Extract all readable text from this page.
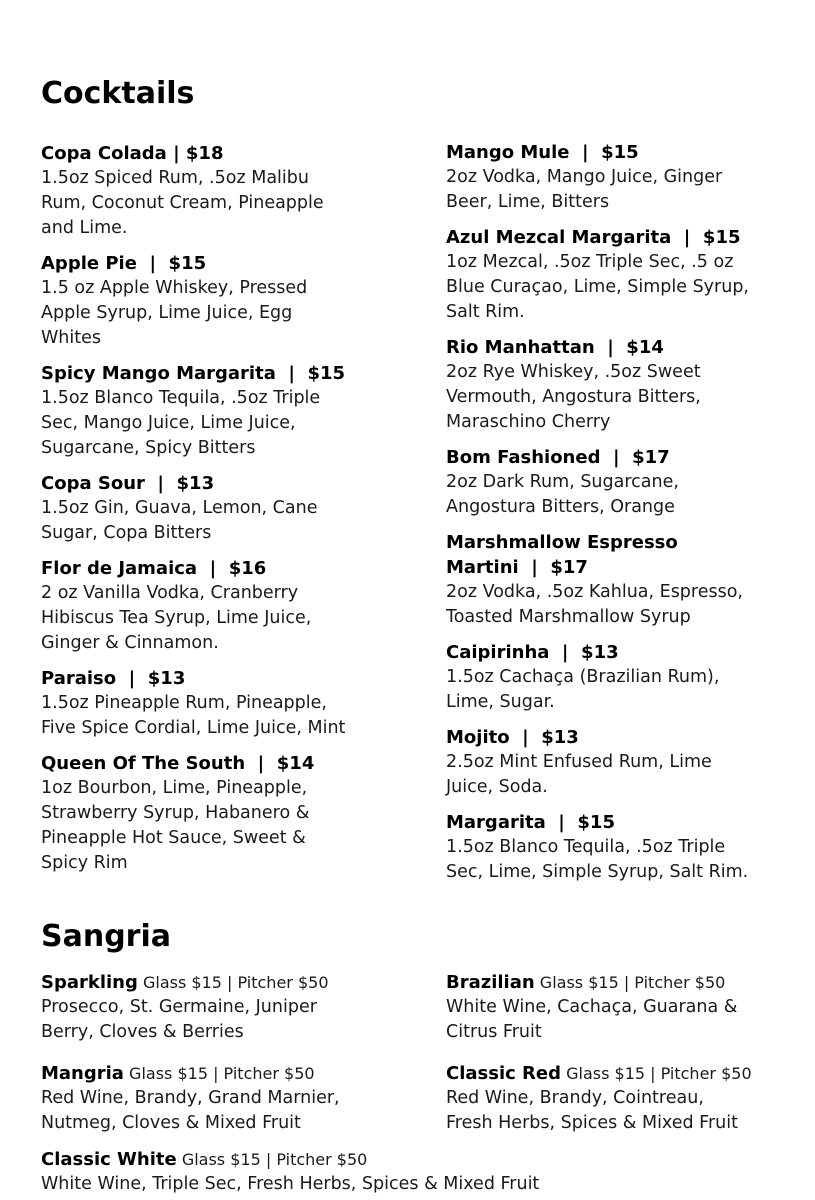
Cocktails
Copa Colada | $18
1.5oz Spiced Rum, .5oz Malibu
Rum, Coconut Cream, Pineapple
and Lime.
Apple Pie  |  $15
1.5 oz Apple Whiskey, Pressed
Apple Syrup, Lime Juice, Egg
Whites
Spicy Mango Margarita  |  $15
1.5oz Blanco Tequila, .5oz Triple
Sec, Mango Juice, Lime Juice,
Sugarcane, Spicy Bitters
Copa Sour  |  $13
1.5oz Gin, Guava, Lemon, Cane
Sugar, Copa Bitters
Flor de Jamaica  |  $16
2 oz Vanilla Vodka, Cranberry
Hibiscus Tea Syrup, Lime Juice,
Ginger & Cinnamon.
Paraiso  |  $13
1.5oz Pineapple Rum, Pineapple,
Five Spice Cordial, Lime Juice, Mint
Queen Of The South  |  $14
1oz Bourbon, Lime, Pineapple,
Strawberry Syrup, Habanero &
Pineapple Hot Sauce, Sweet &
Spicy Rim
Mango Mule  |  $15
2oz Vodka, Mango Juice, Ginger
Beer, Lime, Bitters
Azul Mezcal Margarita  |  $15
1oz Mezcal, .5oz Triple Sec, .5 oz
Blue Curaçao, Lime, Simple Syrup,
Salt Rim.
Rio Manhattan  |  $14
2oz Rye Whiskey, .5oz Sweet
Vermouth, Angostura Bitters,
Maraschino Cherry
Bom Fashioned  |  $17
2oz Dark Rum, Sugarcane,
Angostura Bitters, Orange
Marshmallow Espresso
Martini  |  $17
2oz Vodka, .5oz Kahlua, Espresso,
Toasted Marshmallow Syrup
Caipirinha  |  $13
1.5oz Cachaça (Brazilian Rum),
Lime, Sugar.
Mojito  |  $13
2.5oz Mint Enfused Rum, Lime
Juice, Soda.
Margarita  |  $15
1.5oz Blanco Tequila, .5oz Triple
Sec, Lime, Simple Syrup, Salt Rim.
Sangria
Sparkling Glass $15 | Pitcher $50
Prosecco, St. Germaine, Juniper
Berry, Cloves & Berries
Brazilian Glass $15 | Pitcher $50
White Wine, Cachaça, Guarana &
Citrus Fruit
Mangria Glass $15 | Pitcher $50
Red Wine, Brandy, Grand Marnier,
Nutmeg, Cloves & Mixed Fruit
Classic Red Glass $15 | Pitcher $50
Red Wine, Brandy, Cointreau,
Fresh Herbs, Spices & Mixed Fruit
Classic White Glass $15 | Pitcher $50
White Wine, Triple Sec, Fresh Herbs, Spices & Mixed Fruit
